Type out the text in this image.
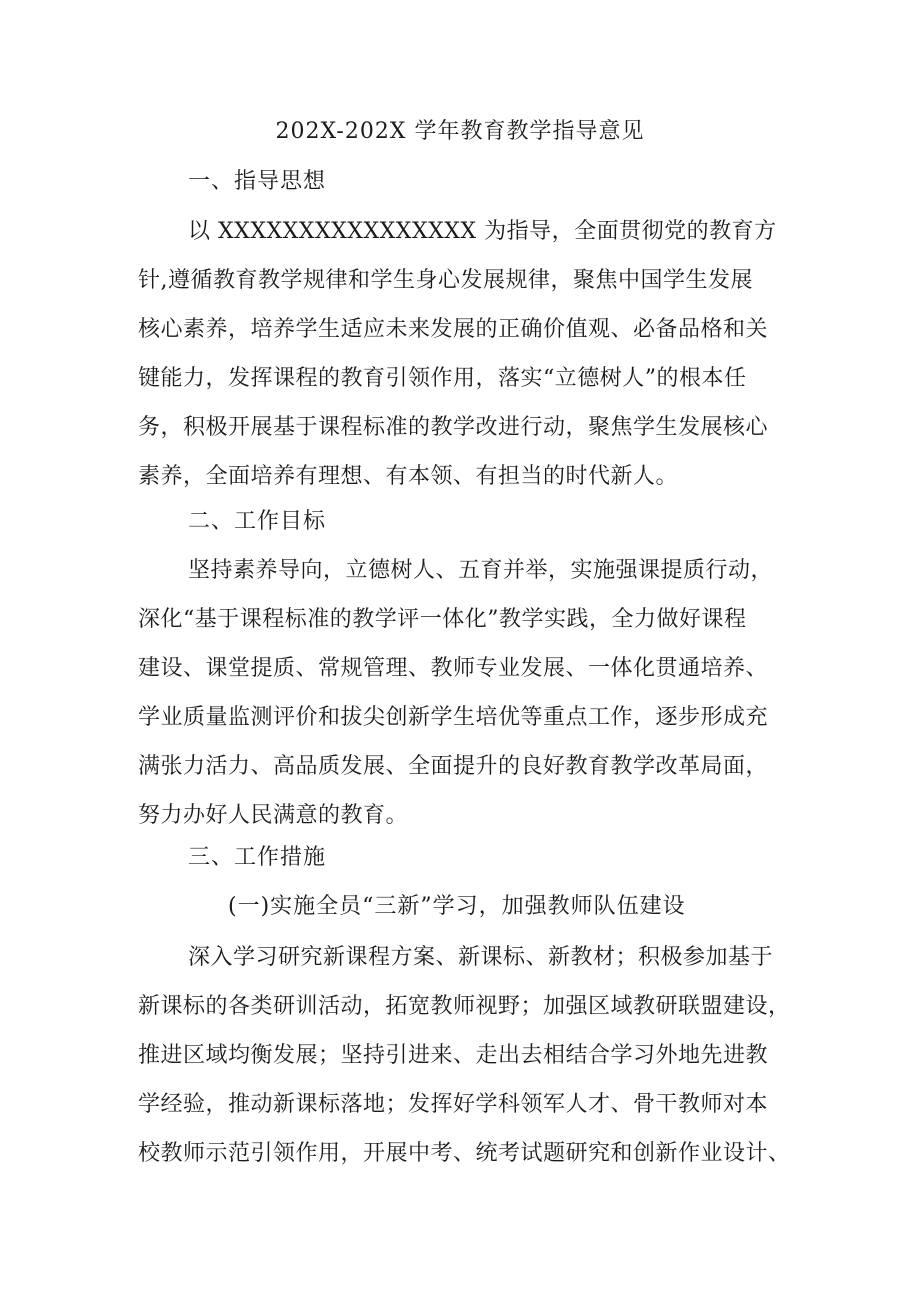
202X-202X 学年教育教学指导意见
一、指导思想
以 XXXXXXXXXXXXXXXX 为指导，全面贯彻党的教育方
针,遵循教育教学规律和学生身心发展规律，聚焦中国学生发展
核心素养，培养学生适应未来发展的正确价值观、必备品格和关
键能力，发挥课程的教育引领作用，落实“立德树人”的根本任
务，积极开展基于课程标准的教学改进行动，聚焦学生发展核心
素养，全面培养有理想、有本领、有担当的时代新人。
二、工作目标
坚持素养导向，立德树人、五育并举，实施强课提质行动，
深化“基于课程标准的教学评一体化”教学实践，全力做好课程
建设、课堂提质、常规管理、教师专业发展、一体化贯通培养、
学业质量监测评价和拔尖创新学生培优等重点工作，逐步形成充
满张力活力、高品质发展、全面提升的良好教育教学改革局面，
努力办好人民满意的教育。
三、工作措施
(一)实施全员“三新”学习，加强教师队伍建设
深入学习研究新课程方案、新课标、新教材；积极参加基于
新课标的各类研训活动，拓宽教师视野；加强区域教研联盟建设，
推进区域均衡发展；坚持引进来、走出去相结合学习外地先进教
学经验，推动新课标落地；发挥好学科领军人才、骨干教师对本
校教师示范引领作用，开展中考、统考试题研究和创新作业设计、
